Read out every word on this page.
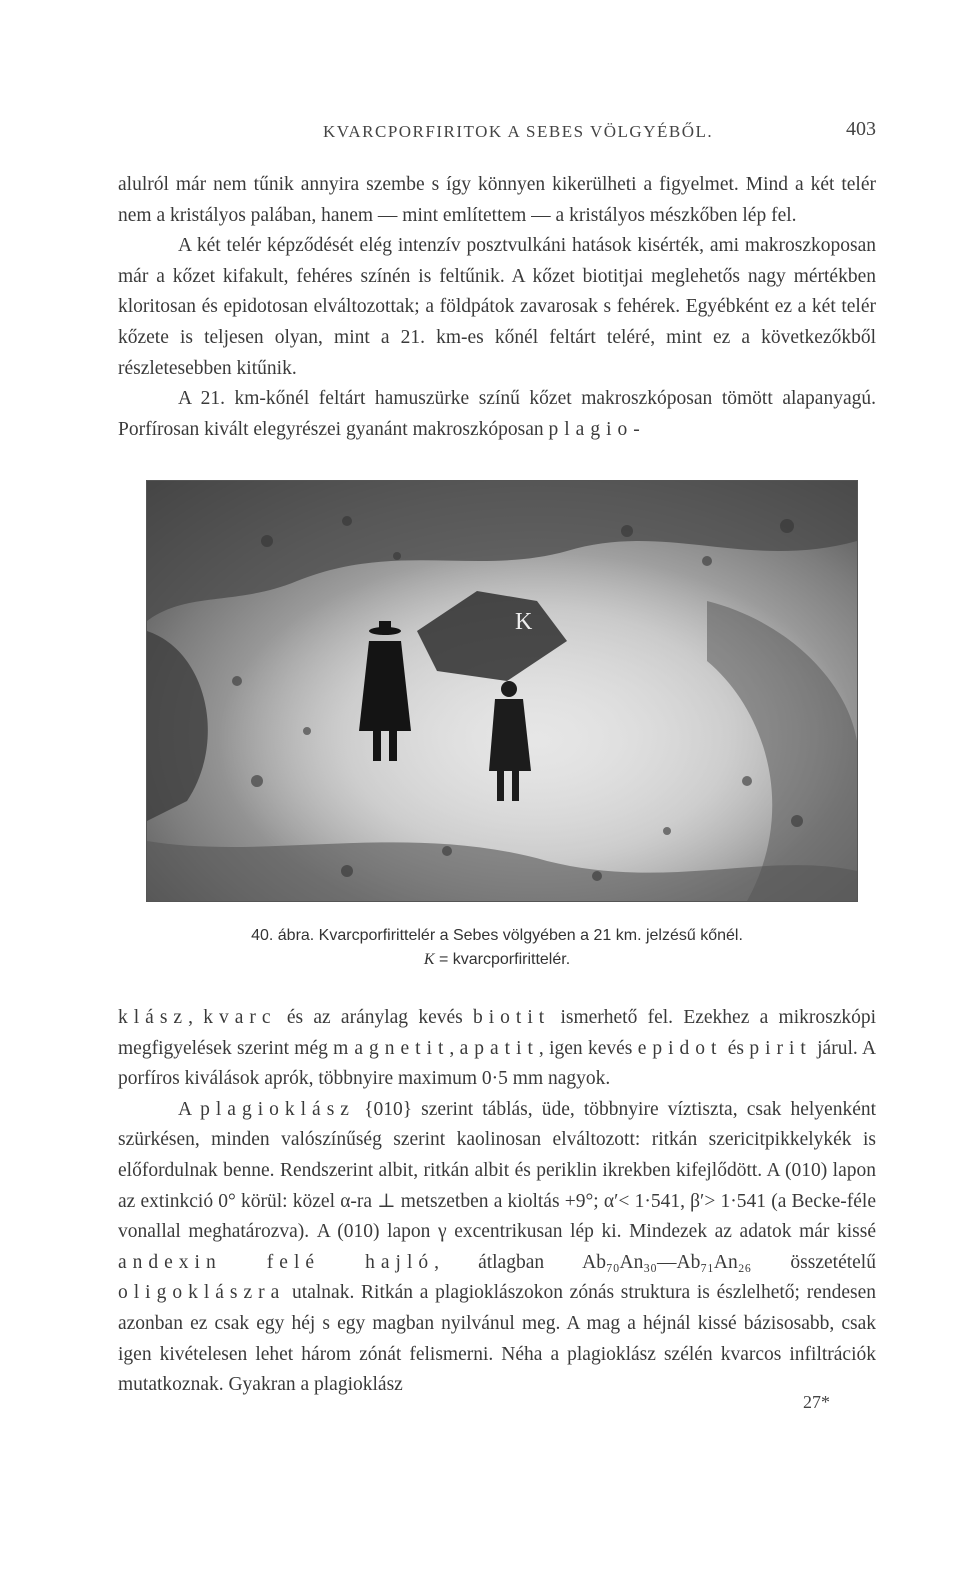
KVARCPORFIRITOK A SEBES VÖLGYÉBŐL.	403

alulról már nem tűnik annyira szembe s így könnyen kikerülheti a figyelmet. Mind a két telér nem a kristályos palában, hanem — mint említettem — a kristályos mészkőben lép fel.

A két telér képződését elég intenzív posztvulkáni hatások kisérték, ami makroszkoposan már a kőzet kifakult, fehéres színén is feltűnik. A kőzet biotitjai meglehetős nagy mértékben kloritosan és epidotosan elváltozottak; a földpátok zavarosak s fehérek. Egyébként ez a két telér kőzete is teljesen olyan, mint a 21. km-es kőnél feltárt teléré, mint ez a következőkből részletesebben kitűnik.

A 21. km-kőnél feltárt hamuszürke színű kőzet makroszkóposan tömött alapanyagú. Porfírosan kivált elegyrészei gyanánt makroszkóposan plagio-

K
40. ábra. Kvarcporfirittelér a Sebes völgyében a 21 km. jelzésű kőnél.
K = kvarcporfirittelér.

klász, kvarc és az aránylag kevés biotit ismerhető fel. Ezekhez a mikroszkópi megfigyelések szerint még magnetit, apatit, igen kevés epidot és pirit járul. A porfíros kiválások aprók, többnyire maximum 0·5 mm nagyok.

A plagioklász {010} szerint táblás, üde, többnyire víztiszta, csak helyenként szürkésen, minden valószínűség szerint kaolinosan elváltozott: ritkán szericitpikkelykék is előfordulnak benne. Rendszerint albit, ritkán albit és periklin ikrekben kifejlődött. A (010) lapon az extinkció 0° körül: közel α-ra ⊥ metszetben a kioltás +9°; α′< 1·541, β′> 1·541 (a Becke-féle vonallal meghatározva). A (010) lapon γ excentrikusan lép ki. Mindezek az adatok már kissé andexin felé hajló, átlagban Ab₇₀An₃₀—Ab₇₁An₂₆ összetételű oligoklászra utalnak. Ritkán a plagioklászokon zónás struktura is észlelhető; rendesen azonban ez csak egy héj s egy magban nyilvánul meg. A mag a héjnál kissé bázisosabb, csak igen kivételesen lehet három zónát felismerni. Néha a plagioklász szélén kvarcos infiltrációk mutatkoznak. Gyakran a plagioklász

27*
